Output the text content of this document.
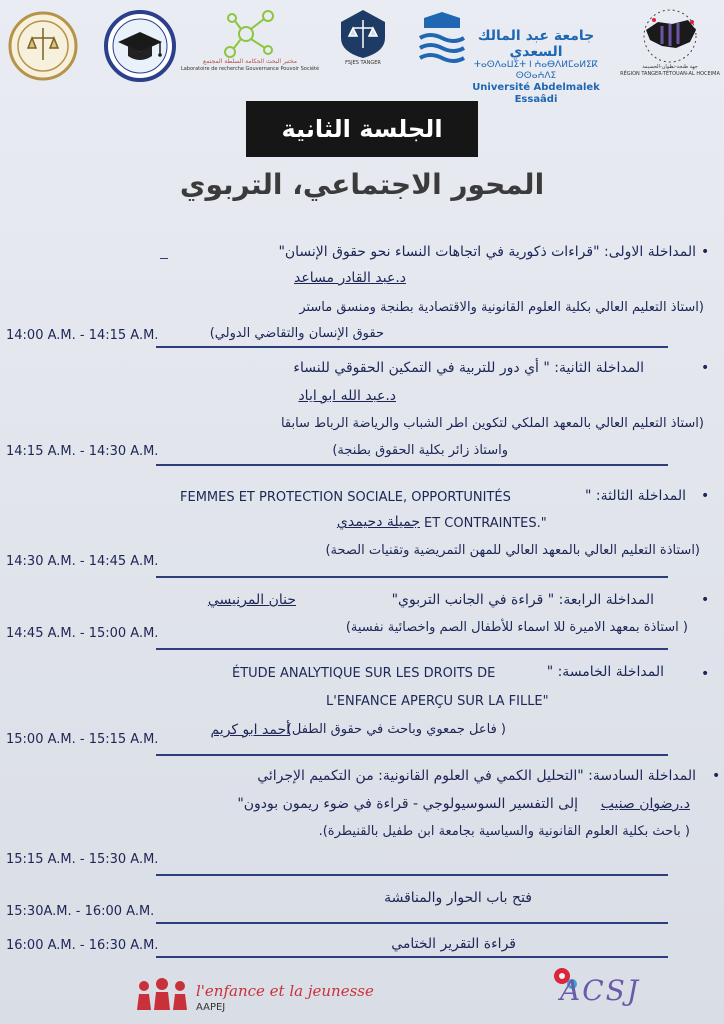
مختبر البحث الحكامة السلطة المجتمع
Laboratoire de recherche Gouvernance Pouvoir Société
FSJES TANGER
جامعة عبد المالك السعدي
ⵜⴰⵙⴷⴰⵡⵉⵜ ⵏ ⵄⴰⴱⴷⵍⵎⴰⵍⵉⴽ ⵙⵙⴰⵄⴷⵉ
Université Abdelmalek Essaâdi
جهة طنجة-تطوان-الحسيمة
RÉGION TANGER-TÉTOUAN-AL HOCEIMA
الجلسة الثانية
المحور الاجتماعي، التربوي
•
المداخلة الاولى: "قراءات ذكورية في اتجاهات النساء نحو حقوق الإنسان"
د.عبد القادر مساعد
(استاذ التعليم العالي بكلية العلوم القانونية والاقتصادية بطنجة ومنسق ماستر
حقوق الإنسان والتقاضي الدولي)
14:00 A.M. - 14:15 A.M.
•
المداخلة الثانية: " أي دور للتربية في التمكين الحقوقي للنساء
د.عبد الله ابو اياد
(استاذ التعليم العالي بالمعهد الملكي لتكوين اطر الشباب والرياضة الرباط سابقا
واستاذ زائر بكلية الحقوق بطنجة)
14:15 A.M. - 14:30 A.M.
•
المداخلة الثالثة: "
FEMMES ET PROTECTION SOCIALE, OPPORTUNITÉS
ET CONTRAINTES."
جميلة دحيمدي
(استاذة التعليم العالي بالمعهد العالي للمهن التمريضية وتقنيات الصحة)
14:30 A.M. - 14:45 A.M.
•
المداخلة الرابعة: " قراءة في الجانب التربوي"
حنان المرنيسي
( استاذة بمعهد الاميرة للا اسماء للأطفال الصم واخصائية نفسية)
14:45 A.M. - 15:00 A.M.
•
المداخلة الخامسة: "
ÉTUDE ANALYTIQUE SUR LES DROITS DE
L'ENFANCE APERÇU SUR LA FILLE"
أحمد ابو كريم
( فاعل جمعوي وباحث في حقوق الطفل)
15:00 A.M. - 15:15 A.M.
•
المداخلة السادسة: "التحليل الكمي في العلوم القانونية: من التكميم الإجرائي
إلى التفسير السوسيولوجي - قراءة في ضوء ريمون بودون" د.رضوان صنيب
( باحث بكلية العلوم القانونية والسياسية بجامعة ابن طفيل بالقنيطرة).
15:15 A.M. - 15:30 A.M.
فتح باب الحوار والمناقشة
15:30A.M. - 16:00 A.M.
قراءة التقرير الختامي
16:00 A.M. - 16:30 A.M.
l'enfance et la jeunesse
AAPEJ
ACSJ
